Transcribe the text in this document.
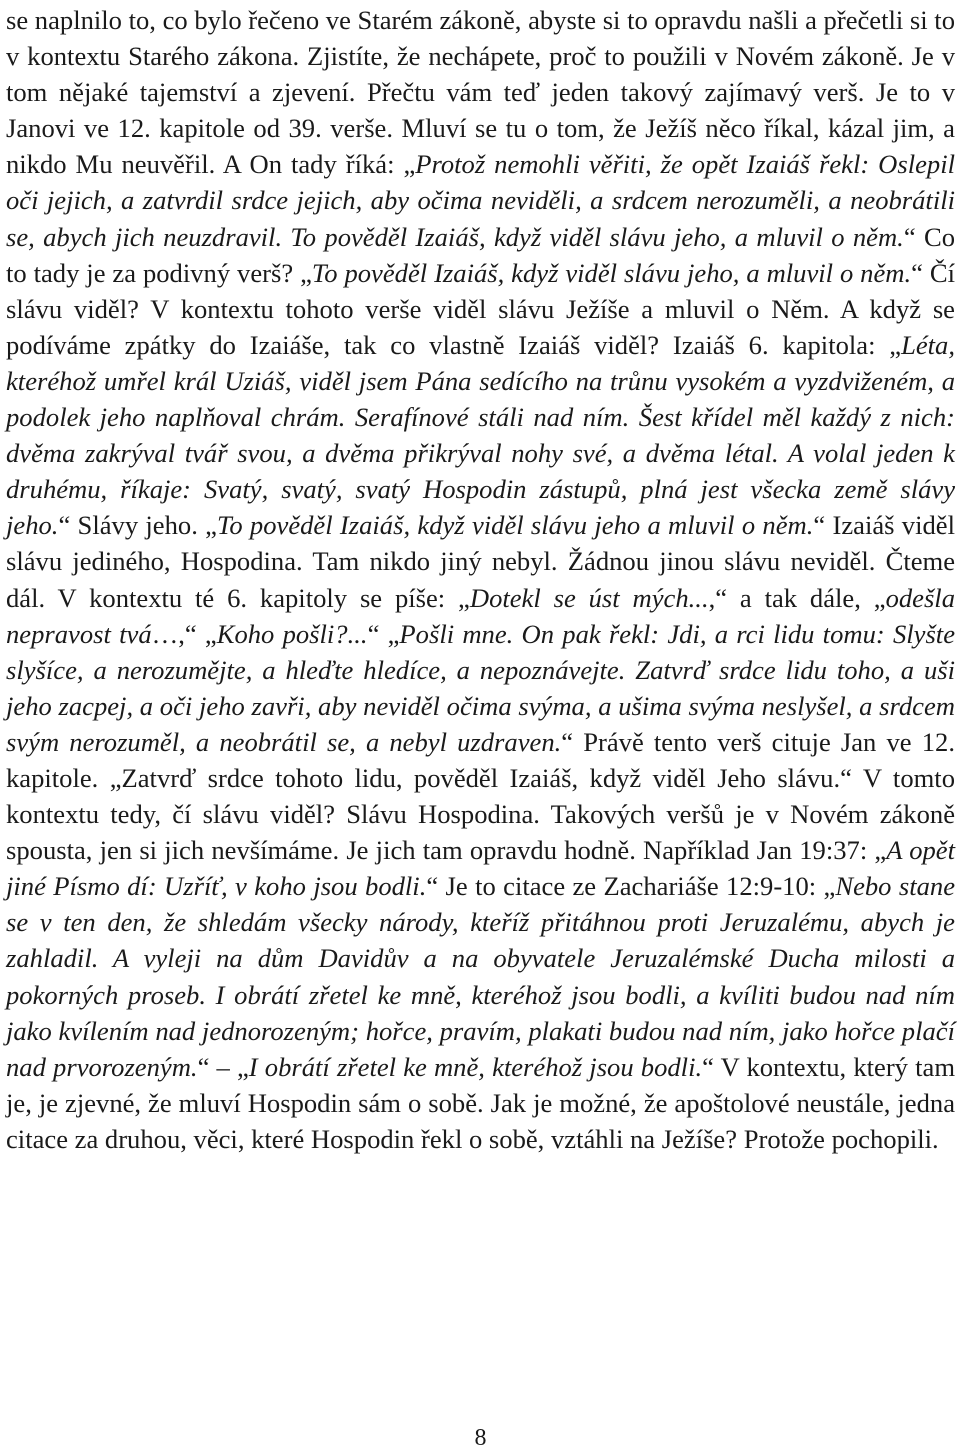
se naplnilo to, co bylo řečeno ve Starém zákoně, abyste si to opravdu našli a přečetli si to v kontextu Starého zákona. Zjistíte, že nechápete, proč to použili v Novém zákoně. Je v tom nějaké tajemství a zjevení. Přečtu vám teď jeden takový zajímavý verš. Je to v Janovi ve 12. kapitole od 39. verše. Mluví se tu o tom, že Ježíš něco říkal, kázal jim, a nikdo Mu neuvěřil. A On tady říká: „Protož nemohli věřiti, že opět Izaiáš řekl: Oslepil oči jejich, a zatvrdil srdce jejich, aby očima neviděli, a srdcem nerozuměli, a neobrátili se, abych jich neuzdravil. To pověděl Izaiáš, když viděl slávu jeho, a mluvil o něm.“ Co to tady je za podivný verš? „To pověděl Izaiáš, když viděl slávu jeho, a mluvil o něm.“ Čí slávu viděl? V kontextu tohoto verše viděl slávu Ježíše a mluvil o Něm. A když se podíváme zpátky do Izaiáše, tak co vlastně Izaiáš viděl? Izaiáš 6. kapitola: „Léta, kteréhož umřel král Uziáš, viděl jsem Pána sedícího na trůnu vysokém a vyzdviženém, a podolek jeho naplňoval chrám. Serafínové stáli nad ním. Šest křídel měl každý z nich: dvěma zakrýval tvář svou, a dvěma přikrýval nohy své, a dvěma létal. A volal jeden k druhému, říkaje: Svatý, svatý, svatý Hospodin zástupů, plná jest všecka země slávy jeho.“ Slávy jeho. „To pověděl Izaiáš, když viděl slávu jeho a mluvil o něm.“ Izaiáš viděl slávu jediného, Hospodina. Tam nikdo jiný nebyl. Žádnou jinou slávu neviděl. Čteme dál. V kontextu té 6. kapitoly se píše: „Dotekl se úst mých...,“ a tak dále, „odešla nepravost tvá…,“ „Koho pošli?...“ „Pošli mne. On pak řekl: Jdi, a rci lidu tomu: Slyšte slyšíce, a nerozumějte, a hleďte hledíce, a nepoznávejte. Zatvrď srdce lidu toho, a uši jeho zacpej, a oči jeho zavři, aby neviděl očima svýma, a ušima svýma neslyšel, a srdcem svým nerozuměl, a neobrátil se, a nebyl uzdraven.“ Právě tento verš cituje Jan ve 12. kapitole. „Zatvrď srdce tohoto lidu, pověděl Izaiáš, když viděl Jeho slávu.“ V tomto kontextu tedy, čí slávu viděl? Slávu Hospodina. Takových veršů je v Novém zákoně spousta, jen si jich nevšímáme. Je jich tam opravdu hodně. Například Jan 19:37: „A opět jiné Písmo dí: Uzříť, v koho jsou bodli.“ Je to citace ze Zachariáše 12:9-10: „Nebo stane se v ten den, že shledám všecky národy, kteříž přitáhnou proti Jeruzalému, abych je zahladil. A vyleji na dům Davidův a na obyvatele Jeruzalémské Ducha milosti a pokorných proseb. I obrátí zřetel ke mně, kteréhož jsou bodli, a kvíliti budou nad ním jako kvílením nad jednorozeným; hořce, pravím, plakati budou nad ním, jako hořce plačí nad prvorozeným.“ – „I obrátí zřetel ke mně, kteréhož jsou bodli.“ V kontextu, který tam je, je zjevné, že mluví Hospodin sám o sobě. Jak je možné, že apoštolové neustále, jedna citace za druhou, věci, které Hospodin řekl o sobě, vztáhli na Ježíše? Protože pochopili.

8
